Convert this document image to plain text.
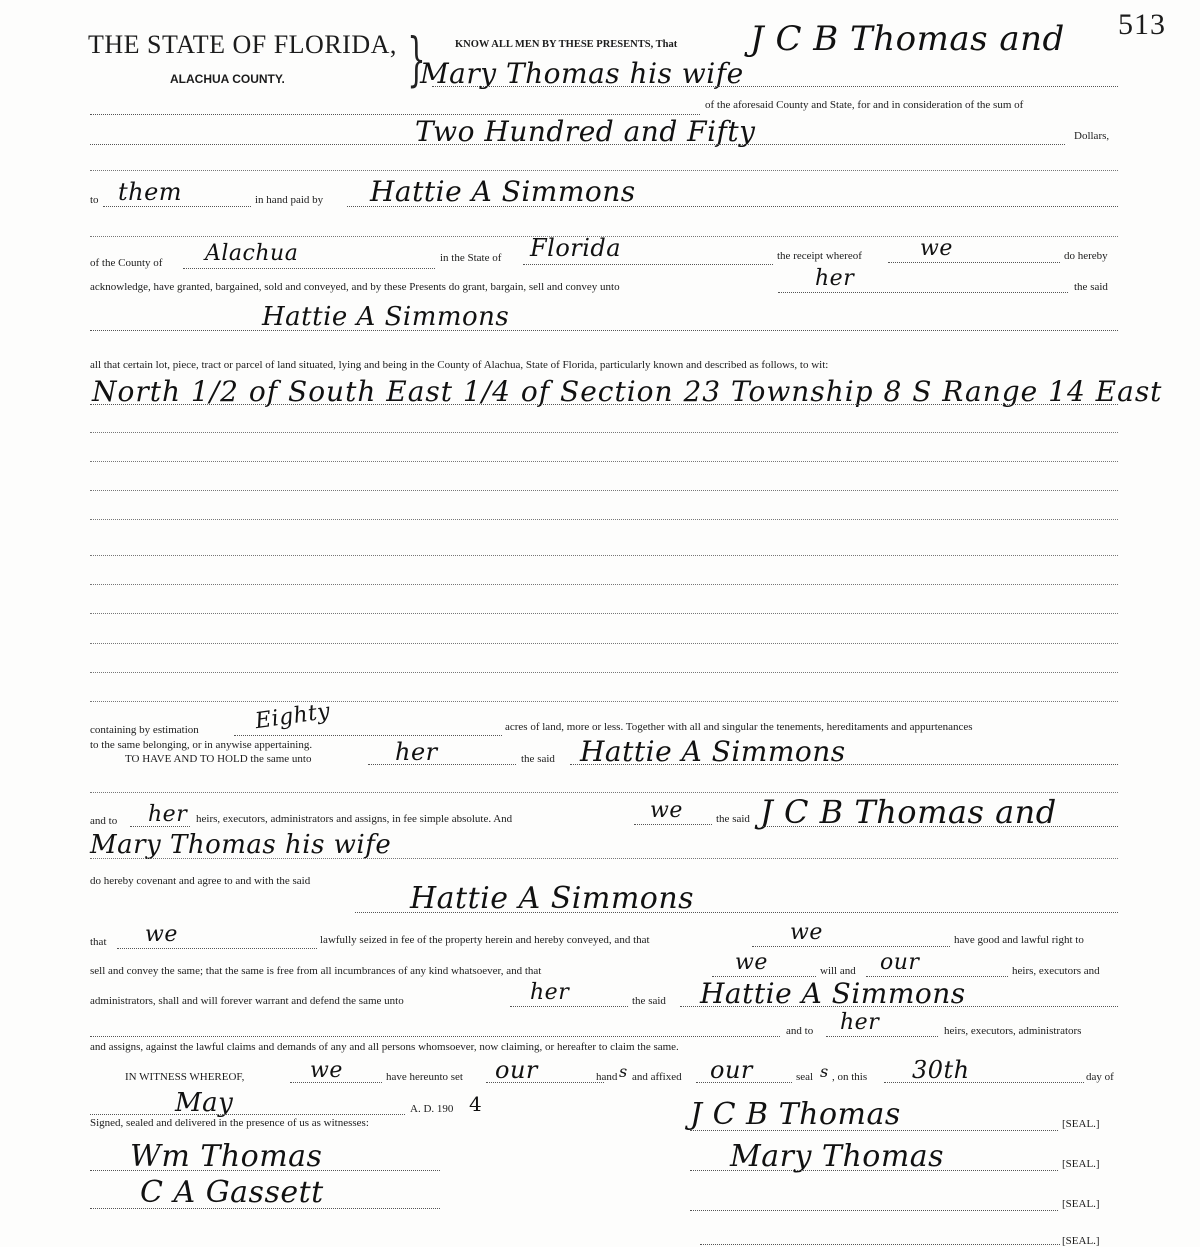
513
THE STATE OF FLORIDA,
ALACHUA COUNTY. }	KNOW ALL MEN BY THESE PRESENTS, That J C B Thomas and
Mary Thomas his wife
of the aforesaid County and State, for and in consideration of the sum of
Two Hundred and Fifty	Dollars,
to them	in hand paid by Hattie A Simmons
of the County of Alachua	in the State of Florida	the receipt whereof	we	do hereby
acknowledge, have granted, bargained, sold and conveyed, and by these Presents do grant, bargain, sell and convey unto	her	the said
Hattie A Simmons
all that certain lot, piece, tract or parcel of land situated, lying and being in the County of Alachua, State of Florida, particularly known and described as follows, to wit:
North 1/2 of South East 1/4 of Section 23 Township 8 S Range 14 East
containing by estimation Eighty	acres of land, more or less. Together with all and singular the tenements, hereditaments and appurtenances
to the same belonging, or in anywise appertaining.
TO HAVE AND TO HOLD the same unto	her	the said Hattie A Simmons
and to her heirs, executors, administrators and assigns, in fee simple absolute. And	we	the said J C B Thomas and
Mary Thomas his wife
do hereby covenant and agree to and with the said	Hattie A Simmons
that we	lawfully seized in fee of the property herein and hereby conveyed, and that	we	have good and lawful right to
sell and convey the same; that the same is free from all incumbrances of any kind whatsoever, and that	we	will and our	heirs, executors and
administrators, shall and will forever warrant and defend the same unto	her	the said Hattie A Simmons
and to her	heirs, executors, administrators
and assigns, against the lawful claims and demands of any and all persons whomsoever, now claiming, or hereafter to claim the same.
IN WITNESS WHEREOF,	we	have hereunto set our	hand s and affixed our	seal s , on this 30th	day of
May	A. D. 190 4
Signed, sealed and delivered in the presence of us as witnesses:	J C B Thomas	[SEAL.]
Mary Thomas	[SEAL.]
[SEAL.]
[SEAL.]
Wm Thomas
C A Gassett
